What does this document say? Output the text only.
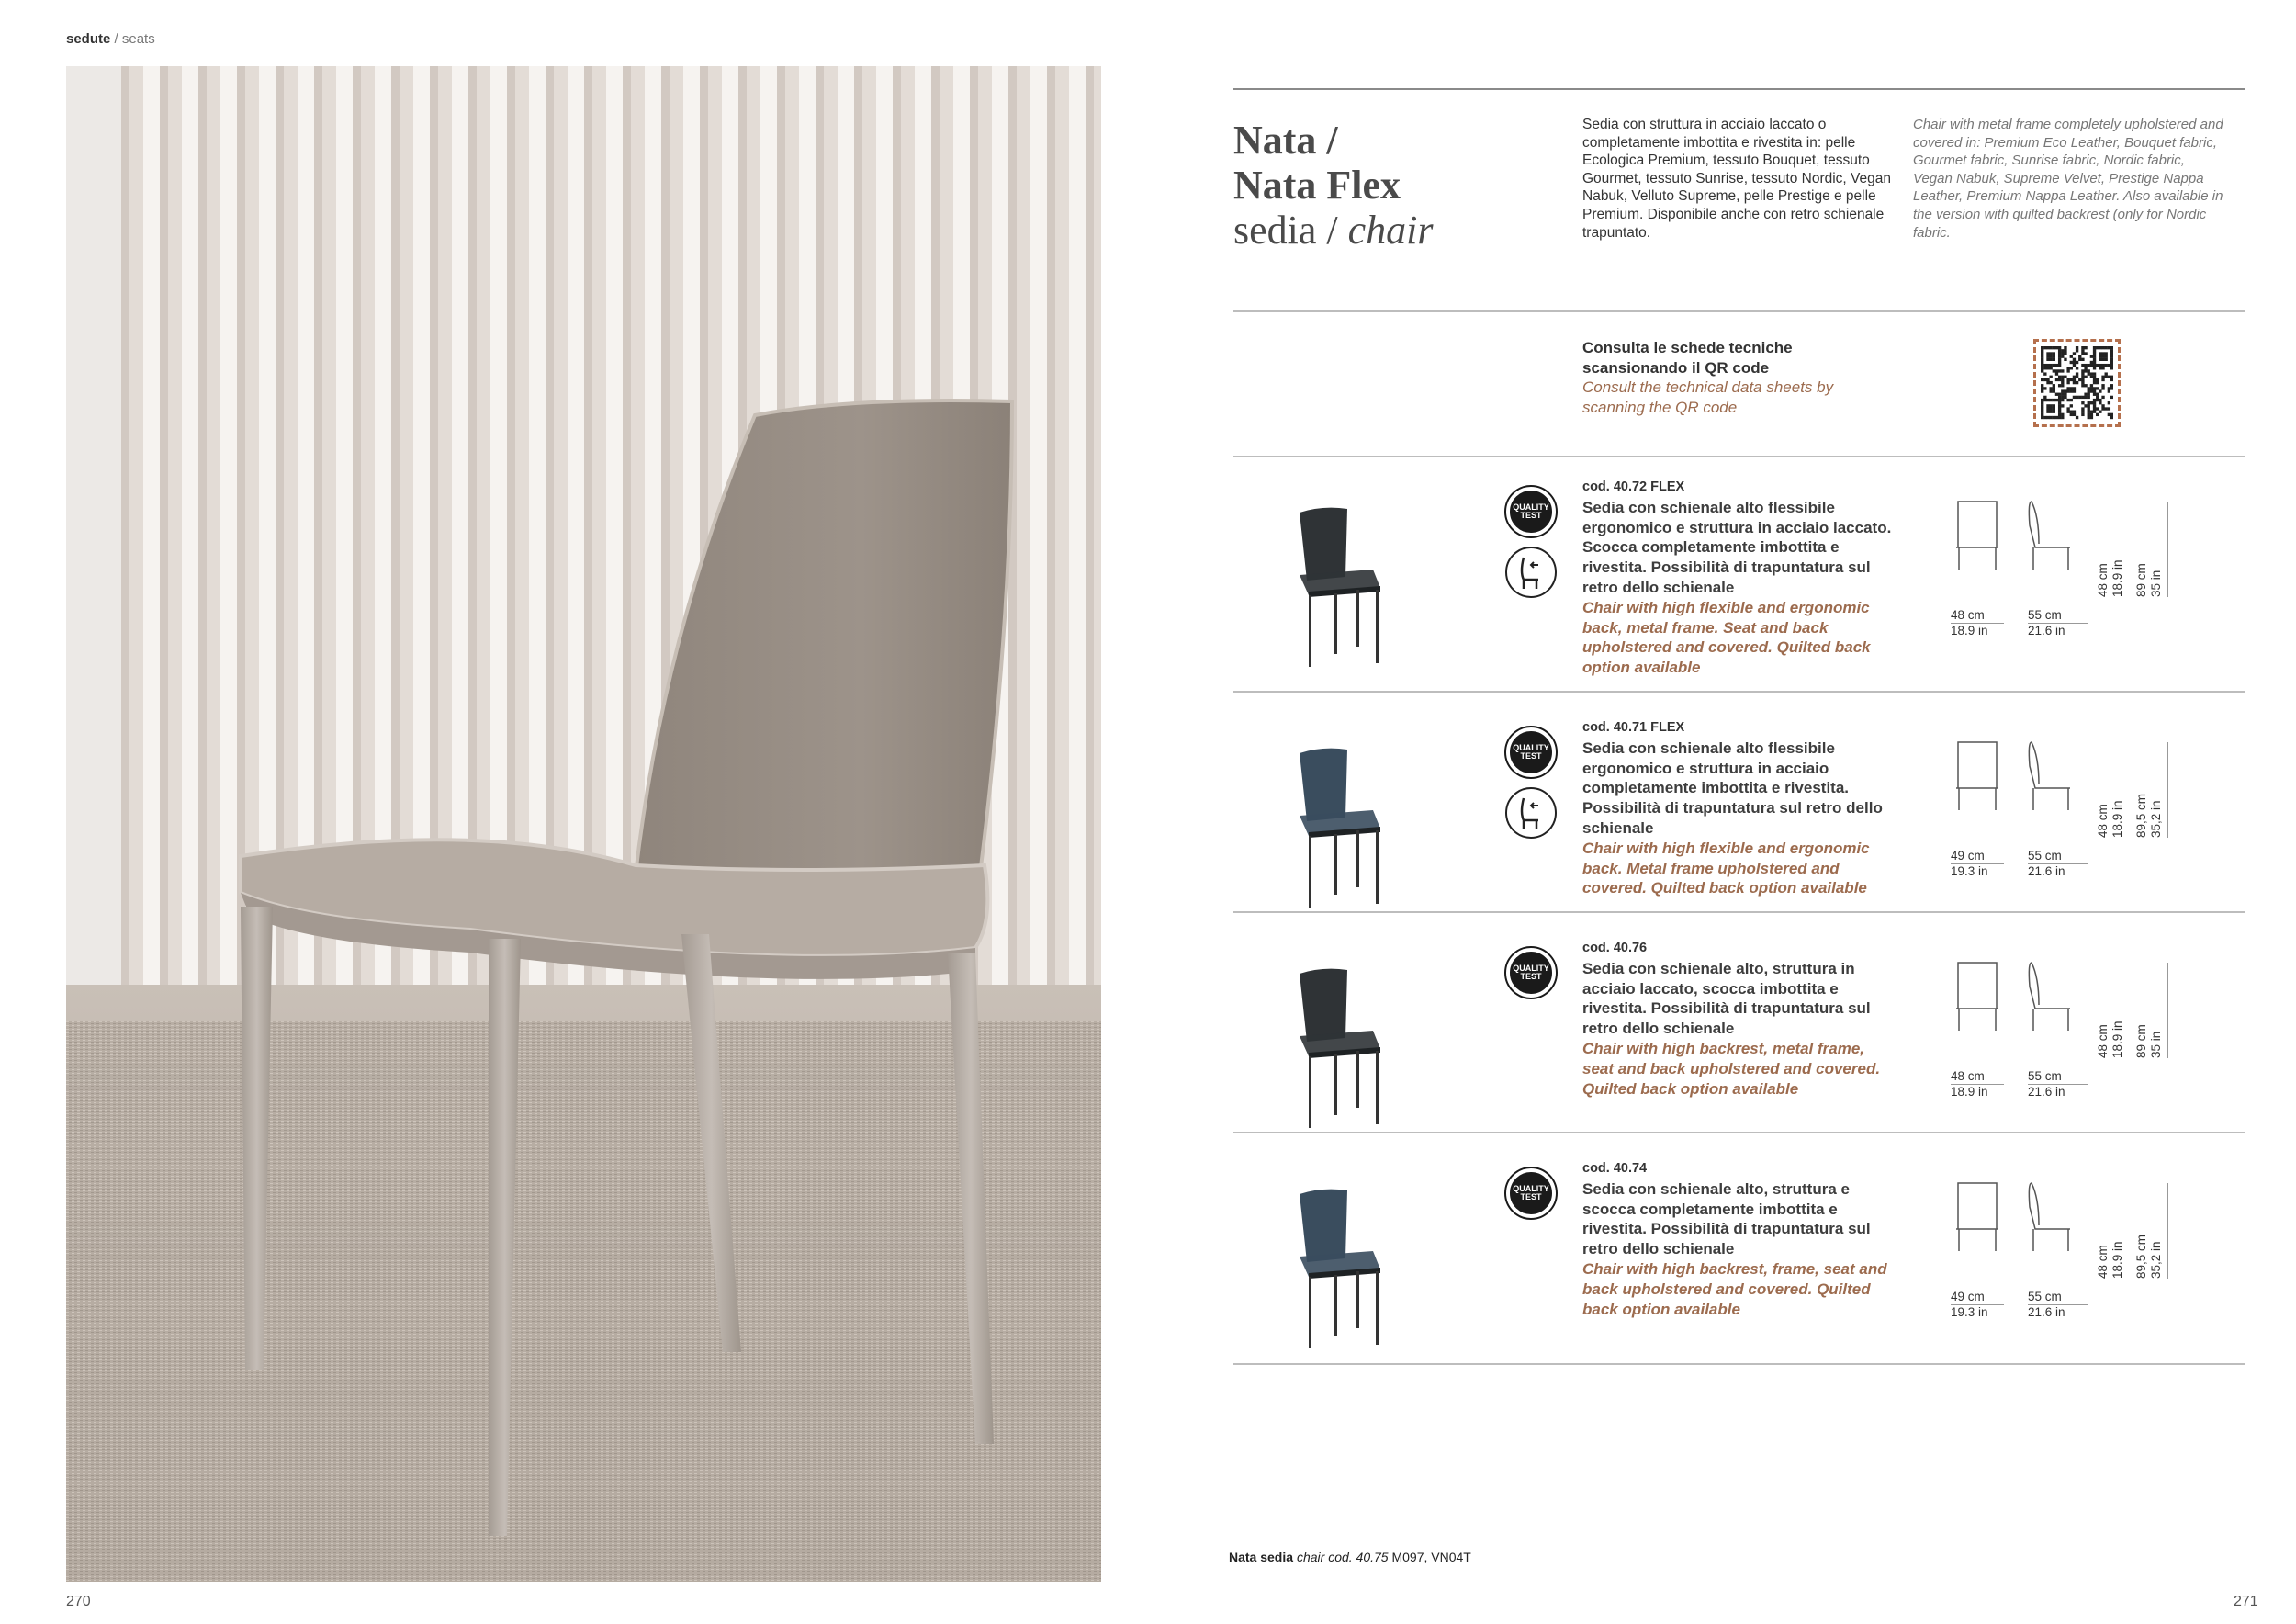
sedute / seats
Nata /
Nata Flex
sedia / chair
Sedia con struttura in acciaio laccato o completamente imbottita e rivestita in: pelle Ecologica Premium, tessuto Bouquet, tessuto Gourmet, tessuto Sunrise, tessuto Nordic, Vegan Nabuk, Velluto Supreme, pelle Prestige e pelle Premium. Disponibile anche con retro schienale trapuntato.
Chair with metal frame completely upholstered and covered in: Premium Eco Leather, Bouquet fabric, Gourmet fabric, Sunrise fabric, Nordic fabric, Vegan Nabuk, Supreme Velvet, Prestige Nappa Leather, Premium Nappa Leather. Also available in the version with quilted backrest (only for Nordic fabric.
Consulta le schede tecniche scansionando il QR code
Consult the technical data sheets by scanning the QR code
QUALITY TEST
cod. 40.72 FLEX
Sedia con schienale alto flessibile ergonomico e struttura in acciaio laccato. Scocca completamente imbottita e rivestita. Possibilità di trapuntatura sul retro dello schienale
Chair with high flexible and ergonomic back, metal frame. Seat and back upholstered and covered. Quilted back option available
48 cm
18.9 in
55 cm
21.6 in
48 cm
18.9 in 89 cm
35 in
QUALITY TEST
cod. 40.71 FLEX
Sedia con schienale alto flessibile ergonomico e struttura in acciaio completamente imbottita e rivestita. Possibilità di trapuntatura sul retro dello schienale
Chair with high flexible and ergonomic back. Metal frame upholstered and covered. Quilted back option available
49 cm
19.3 in
55 cm
21.6 in
48 cm
18.9 in 89,5 cm
35,2 in
QUALITY TEST
cod. 40.76
Sedia con schienale alto, struttura in acciaio laccato, scocca imbottita e rivestita. Possibilità di trapuntatura sul retro dello schienale
Chair with high backrest, metal frame, seat and back upholstered and covered. Quilted back option available
48 cm
18.9 in
55 cm
21.6 in
48 cm
18.9 in 89 cm
35 in
QUALITY TEST
cod. 40.74
Sedia con schienale alto, struttura e scocca completamente imbottita e rivestita. Possibilità di trapuntatura sul retro dello schienale
Chair with high backrest, frame, seat and back upholstered and covered. Quilted back option available
49 cm
19.3 in
55 cm
21.6 in
48 cm
18.9 in 89,5 cm
35,2 in
Nata sedia chair cod. 40.75 M097, VN04T
270	271
